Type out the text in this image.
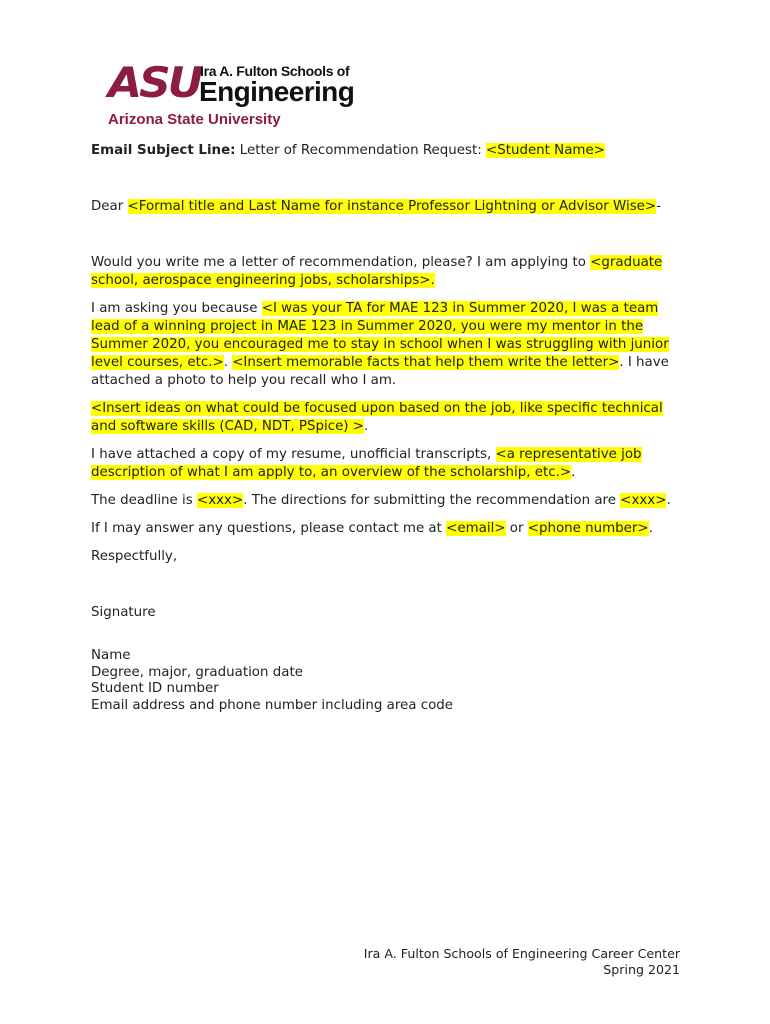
ASU Ira A. Fulton Schools of
Engineering
Arizona State University

Email Subject Line: Letter of Recommendation Request: <Student Name>

Dear <Formal title and Last Name for instance Professor Lightning or Advisor Wise>-

Would you write me a letter of recommendation, please? I am applying to <graduate school, aerospace engineering jobs, scholarships>.

I am asking you because <I was your TA for MAE 123 in Summer 2020, I was a team lead of a winning project in MAE 123 in Summer 2020, you were my mentor in the Summer 2020, you encouraged me to stay in school when I was struggling with junior level courses, etc.>. <Insert memorable facts that help them write the letter>. I have attached a photo to help you recall who I am.

<Insert ideas on what could be focused upon based on the job, like specific technical and software skills (CAD, NDT, PSpice) >.

I have attached a copy of my resume, unofficial transcripts, <a representative job description of what I am apply to, an overview of the scholarship, etc.>.

The deadline is <xxx>. The directions for submitting the recommendation are <xxx>.

If I may answer any questions, please contact me at <email> or <phone number>.

Respectfully,

Signature

Name

Degree, major, graduation date

Student ID number

Email address and phone number including area code

Ira A. Fulton Schools of Engineering Career Center
Spring 2021
